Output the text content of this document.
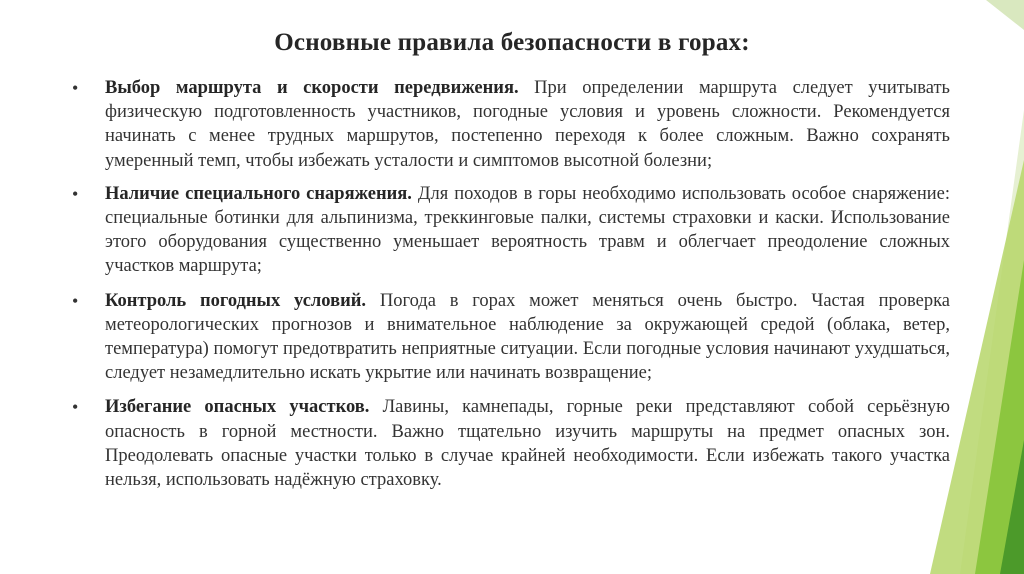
Основные правила безопасности в горах:
• Выбор маршрута и скорости передвижения. При определении маршрута следует учитывать физическую подготовленность участников, погодные условия и уровень сложности. Рекомендуется начинать с менее трудных маршрутов, постепенно переходя к более сложным. Важно сохранять умеренный темп, чтобы избежать усталости и симптомов высотной болезни;
• Наличие специального снаряжения. Для походов в горы необходимо использовать особое снаряжение: специальные ботинки для альпинизма, треккинговые палки, системы страховки и каски. Использование этого оборудования существенно уменьшает вероятность травм и облегчает преодоление сложных участков маршрута;
• Контроль погодных условий. Погода в горах может меняться очень быстро. Частая проверка метеорологических прогнозов и внимательное наблюдение за окружающей средой (облака, ветер, температура) помогут предотвратить неприятные ситуации. Если погодные условия начинают ухудшаться, следует незамедлительно искать укрытие или начинать возвращение;
• Избегание опасных участков. Лавины, камнепады, горные реки представляют собой серьёзную опасность в горной местности. Важно тщательно изучить маршруты на предмет опасных зон. Преодолевать опасные участки только в случае крайней необходимости. Если избежать такого участка нельзя, использовать надёжную страховку.
